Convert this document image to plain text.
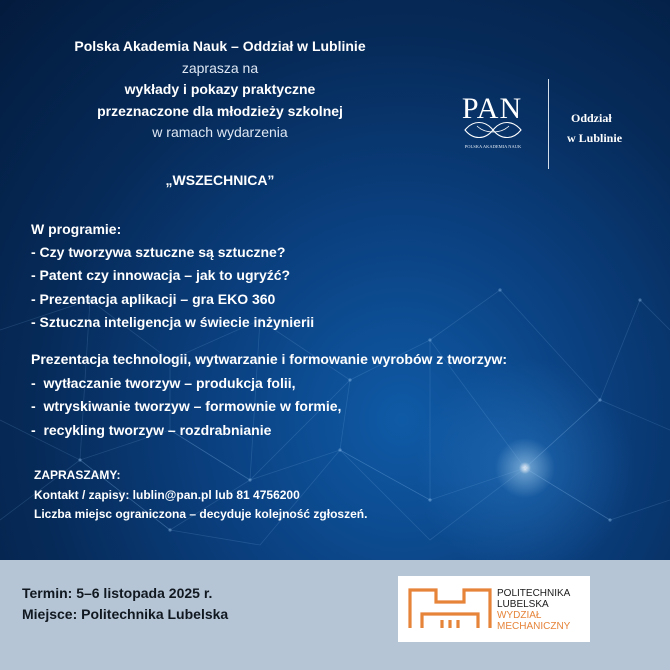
Polska Akademia Nauk – Oddział w Lublinie
zaprasza na
wykłady i pokazy praktyczne
przeznaczone dla młodzieży szkolnej
w ramach wydarzenia
„WSZECHNICA”
PAN
POLSKA AKADEMIA NAUK
Oddział
w Lublinie
W programie:
- Czy tworzywa sztuczne są sztuczne?
- Patent czy innowacja – jak to ugryźć?
- Prezentacja aplikacji – gra EKO 360
- Sztuczna inteligencja w świecie inżynierii
Prezentacja technologii, wytwarzanie i formowanie wyrobów z tworzyw:
-  wytłaczanie tworzyw – produkcja folii,
-  wtryskiwanie tworzyw – formownie w formie,
-  recykling tworzyw – rozdrabnianie
ZAPRASZAMY:
Kontakt / zapisy: lublin@pan.pl lub 81 4756200
Liczba miejsc ograniczona – decyduje kolejność zgłoszeń.
Termin: 5–6 listopada 2025 r.
Miejsce: Politechnika Lubelska
POLITECHNIKA
LUBELSKA
WYDZIAŁ
MECHANICZNY
